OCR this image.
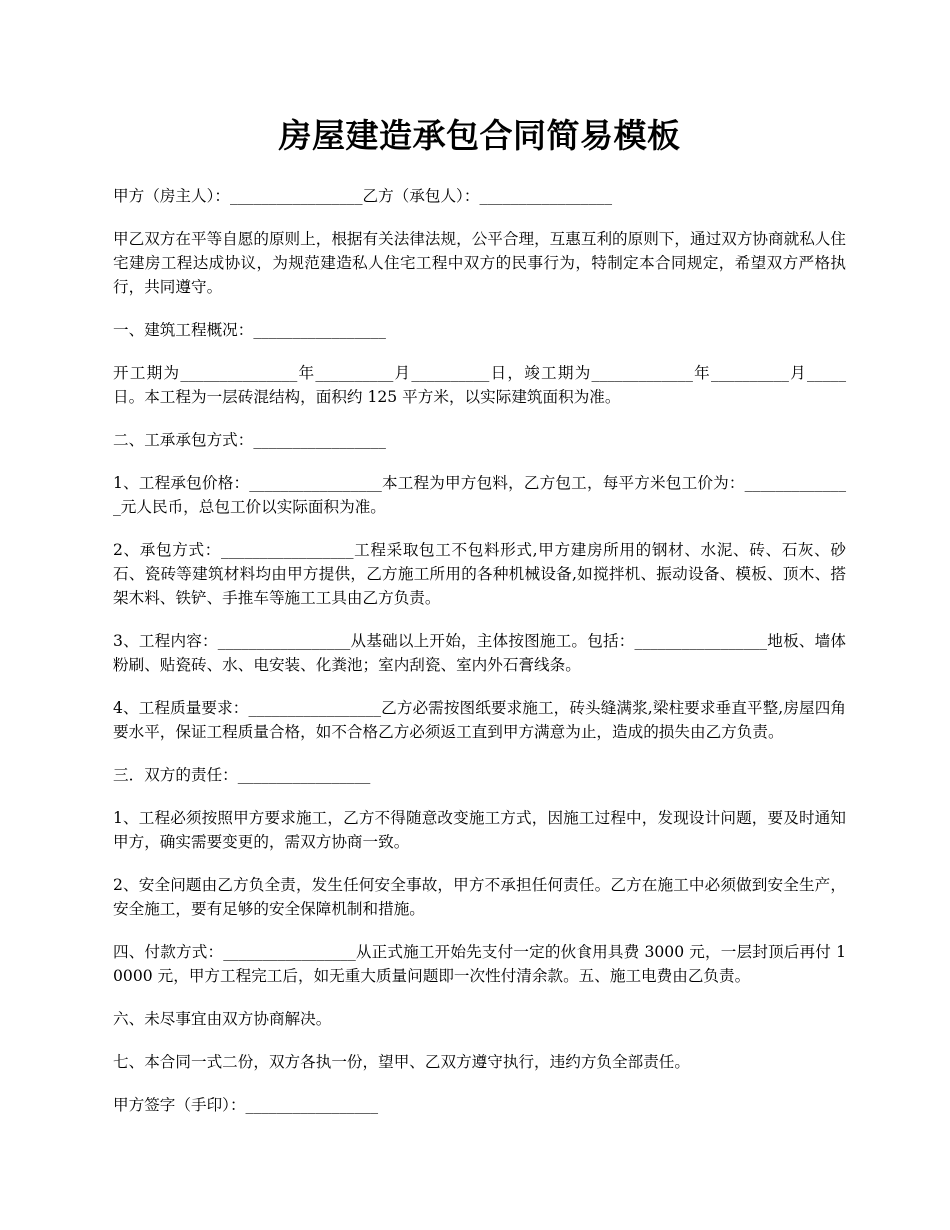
房屋建造承包合同简易模板

甲方（房主人）：_________________乙方（承包人）：_________________

甲乙双方在平等自愿的原则上，根据有关法律法规，公平合理，互惠互利的原则下，通过双方协商就私人住宅建房工程达成协议，为规范建造私人住宅工程中双方的民事行为，特制定本合同规定，希望双方严格执行，共同遵守。

一、建筑工程概况：_________________

开工期为_______________年__________月__________日，竣工期为_____________年__________月_____日。本工程为一层砖混结构，面积约 125 平方米，以实际建筑面积为准。

二、工承承包方式：_________________

1、工程承包价格：_________________本工程为甲方包料，乙方包工，每平方米包工价为：______________元人民币，总包工价以实际面积为准。

2、承包方式：_________________工程采取包工不包料形式,甲方建房所用的钢材、水泥、砖、石灰、砂石、瓷砖等建筑材料均由甲方提供，乙方施工所用的各种机械设备,如搅拌机、振动设备、模板、顶木、搭架木料、铁铲、手推车等施工工具由乙方负责。

3、工程内容：_________________从基础以上开始，主体按图施工。包括：_________________地板、墙体粉刷、贴瓷砖、水、电安装、化粪池；室内刮瓷、室内外石膏线条。

4、工程质量要求：_________________乙方必需按图纸要求施工，砖头缝满浆,梁柱要求垂直平整,房屋四角要水平，保证工程质量合格，如不合格乙方必须返工直到甲方满意为止，造成的损失由乙方负责。

三．双方的责任：_________________

1、工程必须按照甲方要求施工，乙方不得随意改变施工方式，因施工过程中，发现设计问题，要及时通知甲方，确实需要变更的，需双方协商一致。

2、安全问题由乙方负全责，发生任何安全事故，甲方不承担任何责任。乙方在施工中必须做到安全生产，安全施工，要有足够的安全保障机制和措施。

四、付款方式：_________________从正式施工开始先支付一定的伙食用具费 3000 元，一层封顶后再付 10000 元，甲方工程完工后，如无重大质量问题即一次性付清余款。五、施工电费由乙负责。

六、未尽事宜由双方协商解决。

七、本合同一式二份，双方各执一份，望甲、乙双方遵守执行，违约方负全部责任。

甲方签字（手印）：_________________
